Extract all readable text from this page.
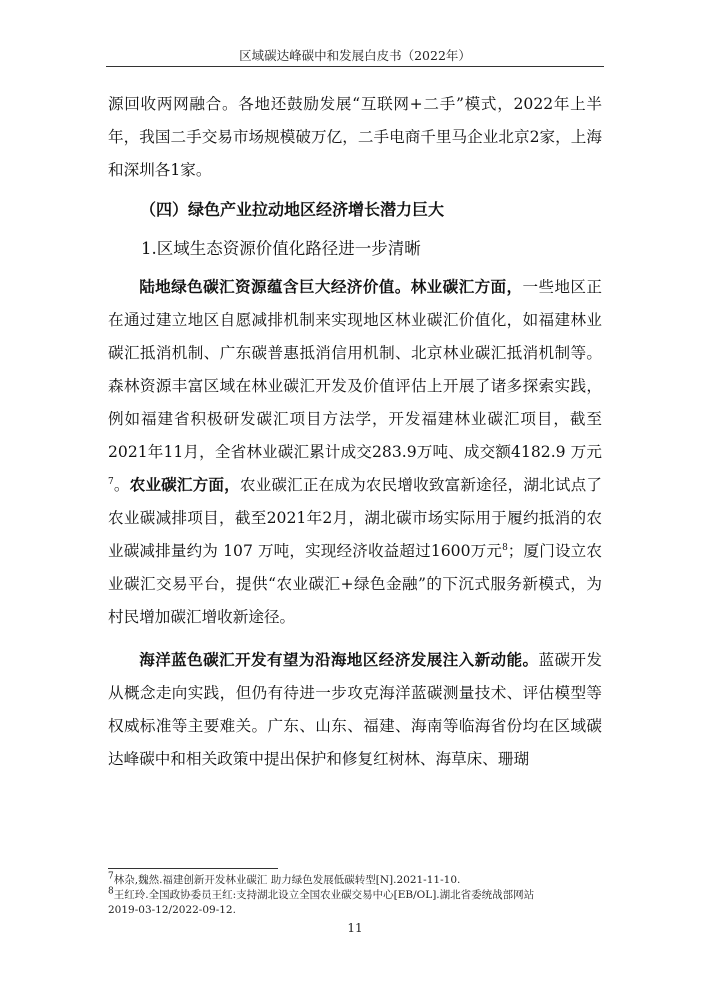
区域碳达峰碳中和发展白皮书（2022年）

源回收两网融合。各地还鼓励发展“互联网+二手”模式，2022年上半年，我国二手交易市场规模破万亿，二手电商千里马企业北京2家，上海和深圳各1家。

（四）绿色产业拉动地区经济增长潜力巨大

1.区域生态资源价值化路径进一步清晰

陆地绿色碳汇资源蕴含巨大经济价值。林业碳汇方面，一些地区正在通过建立地区自愿减排机制来实现地区林业碳汇价值化，如福建林业碳汇抵消机制、广东碳普惠抵消信用机制、北京林业碳汇抵消机制等。森林资源丰富区域在林业碳汇开发及价值评估上开展了诸多探索实践，例如福建省积极研发碳汇项目方法学，开发福建林业碳汇项目，截至2021年11月，全省林业碳汇累计成交283.9万吨、成交额4182.9 万元$^7$。农业碳汇方面，农业碳汇正在成为农民增收致富新途径，湖北试点了农业碳减排项目，截至2021年2月，湖北碳市场实际用于履约抵消的农业碳减排量约为 107 万吨，实现经济收益超过1600万元$^8$；厦门设立农业碳汇交易平台，提供“农业碳汇+绿色金融”的下沉式服务新模式，为村民增加碳汇增收新途径。

海洋蓝色碳汇开发有望为沿海地区经济发展注入新动能。蓝碳开发从概念走向实践，但仍有待进一步攻克海洋蓝碳测量技术、评估模型等权威标准等主要难关。广东、山东、福建、海南等临海省份均在区域碳达峰碳中和相关政策中提出保护和修复红树林、海草床、珊瑚

$^7$林杂,魏然.福建创新开发林业碳汇 助力绿色发展低碳转型[N].2021-11-10.
$^8$王红玲.全国政协委员王红:支持湖北设立全国农业碳交易中心[EB/OL].湖北省委统战部网站
2019-03-12/2022-09-12.
11
